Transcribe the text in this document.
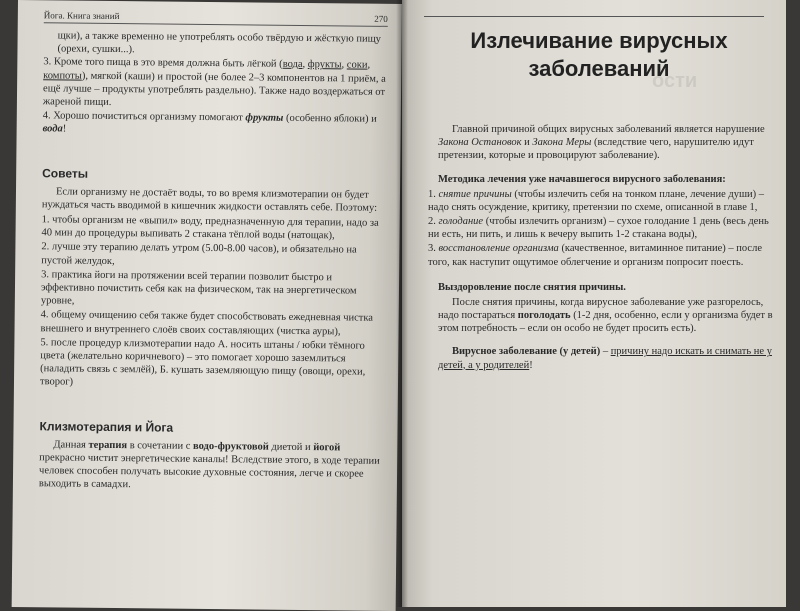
Йога. Книга знаний	270

щки), а также временно не употреблять особо твёрдую и жёсткую пищу (орехи, сушки...).

3. Кроме того пища в это время должна быть лёгкой (вода, фрукты, соки, компоты), мягкой (каши) и простой (не более 2–3 компонентов на 1 приём, а ещё лучше – продукты употреблять раздельно). Также надо воздержаться от жареной пищи.
4. Хорошо почиститься организму помогают фрукты (особенно яблоки) и вода!
Советы

Если организму не достаёт воды, то во время клизмотерапии он будет нуждаться часть вводимой в кишечник жидкости оставлять себе. Поэтому:

1. чтобы организм не «выпил» воду, предназначенную для терапии, надо за 40 мин до процедуры выпивать 2 стакана тёплой воды (натощак),
2. лучше эту терапию делать утром (5.00-8.00 часов), и обязательно на пустой желудок,
3. практика йоги на протяжении всей терапии позволит быстро и эффективно почистить себя как на физическом, так на энергетическом уровне,
4. общему очищению себя также будет способствовать ежедневная чистка внешнего и внутреннего слоёв своих составляющих (чистка ауры),
5. после процедур клизмотерапии надо А. носить штаны / юбки тёмного цвета (желательно коричневого) – это помогает хорошо заземлиться (наладить связь с землёй), Б. кушать заземляющую пищу (овощи, орехи, творог)
Клизмотерапия и Йога

Данная терапия в сочетании с водо-фруктовой диетой и йогой прекрасно чистит энергетические каналы! Вследствие этого, в ходе терапии человек способен получать высокие духовные состояния, легче и скорее выходить в самадхи.

ости
Излечивание вирусных заболеваний

Главной причиной общих вирусных заболеваний является нарушение Закона Остановок и Закона Меры (вследствие чего, нарушителю идут претензии, которые и провоцируют заболевание).

Методика лечения уже начавшегося вирусного заболевания:
1. снятие причины (чтобы излечить себя на тонком плане, лечение души) – надо снять осуждение, критику, претензии по схеме, описанной в главе 1,
2. голодание (чтобы излечить организм) – сухое голодание 1 день (весь день ни есть, ни пить, и лишь к вечеру выпить 1-2 стакана воды),
3. восстановление организма (качественное, витаминное питание) – после того, как наступит ощутимое облегчение и организм попросит поесть.
Выздоровление после снятия причины.

После снятия причины, когда вирусное заболевание уже разгорелось, надо постараться поголодать (1-2 дня, особенно, если у организма будет в этом потребность – если он особо не будет просить есть).

Вирусное заболевание (у детей) – причину надо искать и снимать не у детей, а у родителей!
